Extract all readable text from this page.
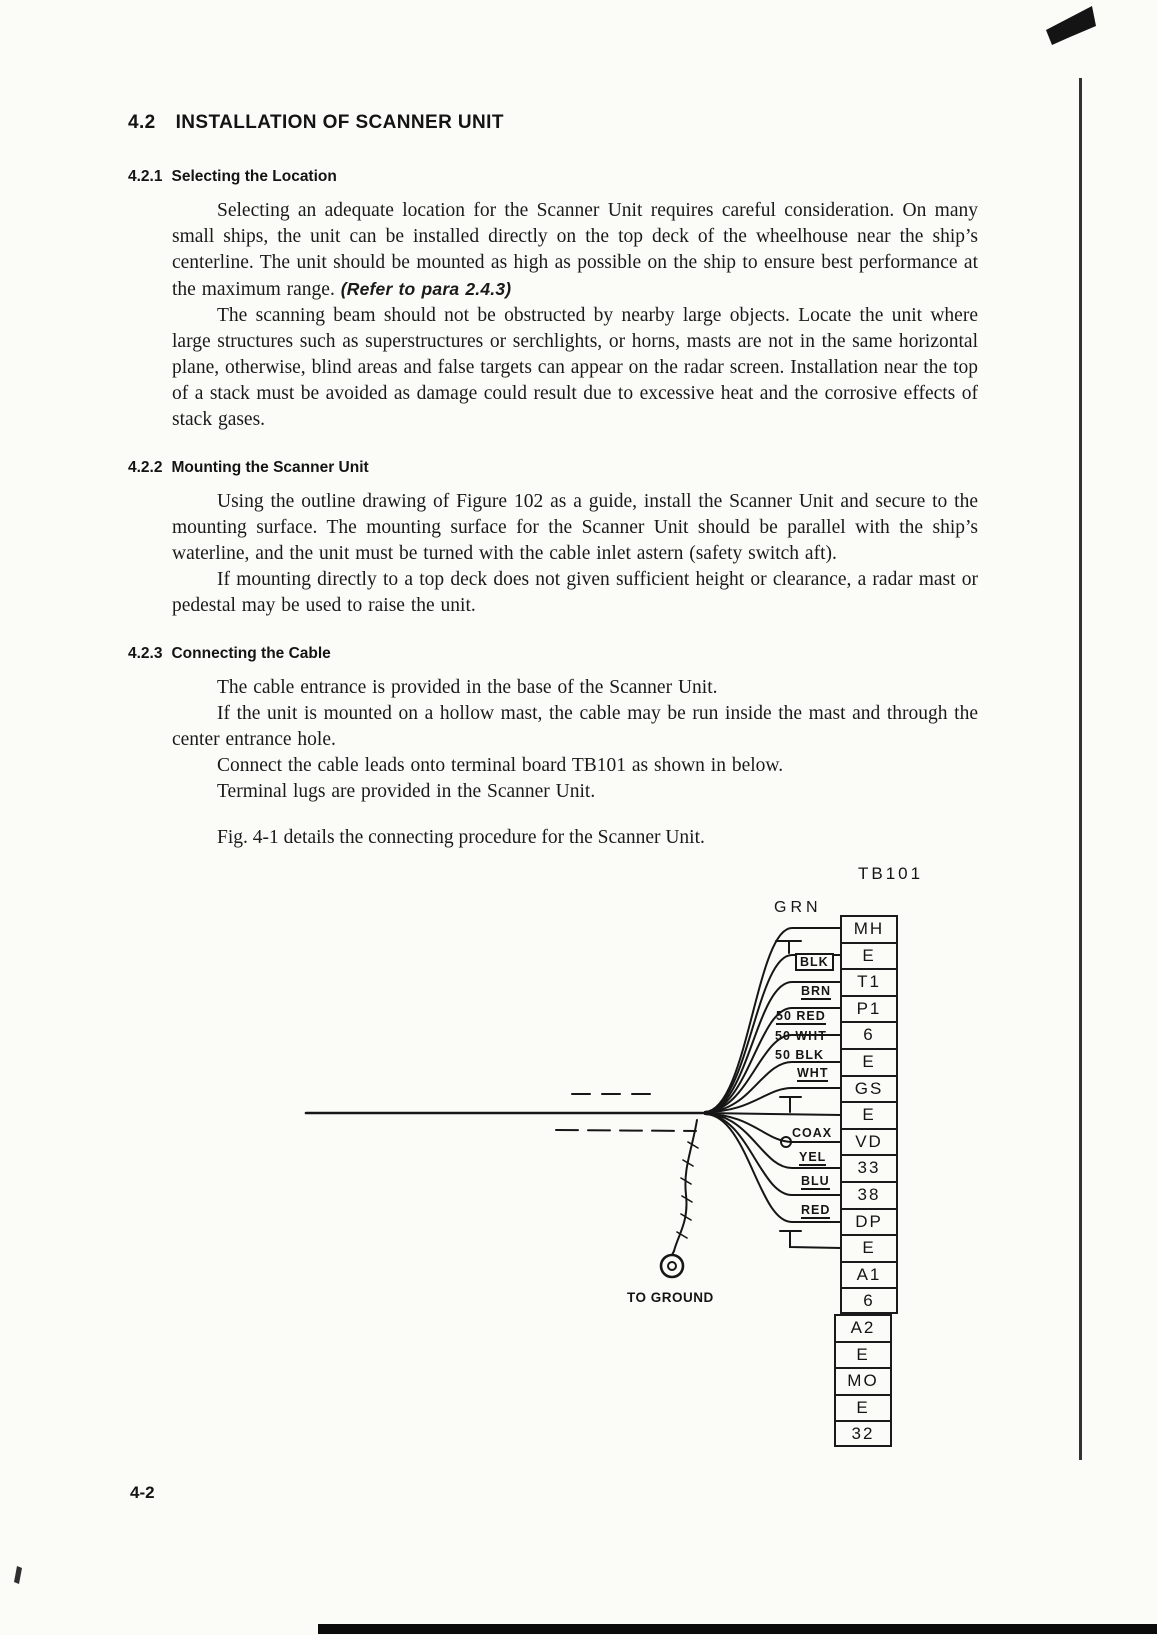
4.2 INSTALLATION OF SCANNER UNIT
4.2.1 Selecting the Location

Selecting an adequate location for the Scanner Unit requires careful consideration. On many small ships, the unit can be installed directly on the top deck of the wheelhouse near the ship’s centerline. The unit should be mounted as high as possible on the ship to ensure best performance at the maximum range. (Refer to para 2.4.3)

The scanning beam should not be obstructed by nearby large objects. Locate the unit where large structures such as superstructures or serchlights, or horns, masts are not in the same horizontal plane, otherwise, blind areas and false targets can appear on the radar screen. Installation near the top of a stack must be avoided as damage could result due to excessive heat and the corrosive effects of stack gases.

4.2.2 Mounting the Scanner Unit

Using the outline drawing of Figure 102 as a guide, install the Scanner Unit and secure to the mounting surface. The mounting surface for the Scanner Unit should be parallel with the ship’s waterline, and the unit must be turned with the cable inlet astern (safety switch aft).

If mounting directly to a top deck does not given sufficient height or clearance, a radar mast or pedestal may be used to raise the unit.

4.2.3 Connecting the Cable

The cable entrance is provided in the base of the Scanner Unit.

If the unit is mounted on a hollow mast, the cable may be run inside the mast and through the center entrance hole.

Connect the cable leads onto terminal board TB101 as shown in below.

Terminal lugs are provided in the Scanner Unit.

Fig. 4-1 details the connecting procedure for the Scanner Unit.
TB101
MH
E
T1
P1
6
E
GS
E
VD
33
38
DP
E
A1
6
A2
E
MO
E
32
GRN
BLK
BRN
50 RED
50 WHT
50 BLK
WHT
COAX
YEL
BLU
RED
TO GROUND
4-2
